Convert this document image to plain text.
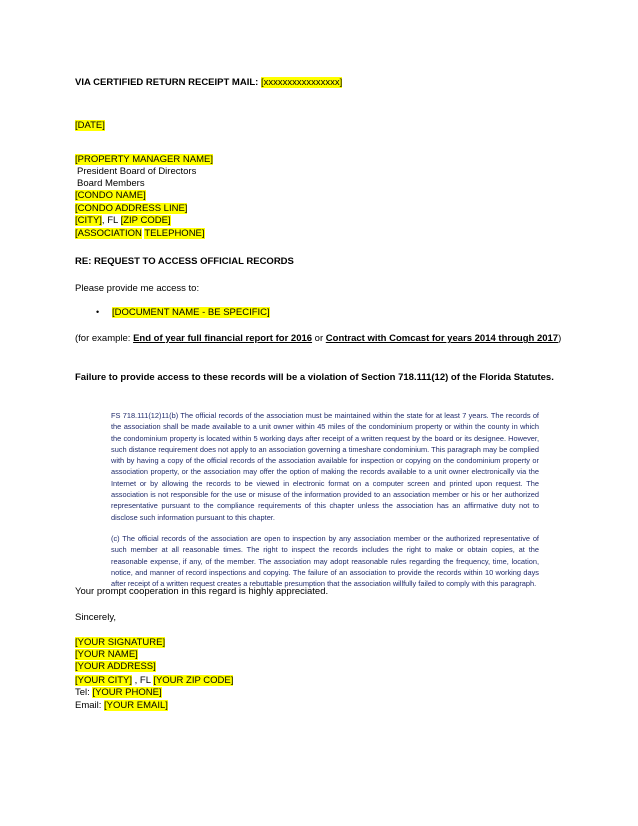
VIA CERTIFIED RETURN RECEIPT MAIL: [xxxxxxxxxxxxxxxx]
[DATE]
[PROPERTY MANAGER NAME]
President Board of Directors
Board Members
[CONDO NAME]
[CONDO ADDRESS LINE]
[CITY], FL [ZIP CODE]
[ASSOCIATION TELEPHONE]
RE: REQUEST TO ACCESS OFFICIAL RECORDS
Please provide me access to:
• [DOCUMENT NAME - BE SPECIFIC]
(for example: End of year full financial report for 2016 or Contract with Comcast for years 2014 through 2017)
Failure to provide access to these records will be a violation of Section 718.111(12) of the Florida Statutes.

FS 718.111(12)11(b) The official records of the association must be maintained within the state for at least 7 years. The records of the association shall be made available to a unit owner within 45 miles of the condominium property or within the county in which the condominium property is located within 5 working days after receipt of a written request by the board or its designee. However, such distance requirement does not apply to an association governing a timeshare condominium. This paragraph may be complied with by having a copy of the official records of the association available for inspection or copying on the condominium property or association property, or the association may offer the option of making the records available to a unit owner electronically via the Internet or by allowing the records to be viewed in electronic format on a computer screen and printed upon request. The association is not responsible for the use or misuse of the information provided to an association member or his or her authorized representative pursuant to the compliance requirements of this chapter unless the association has an affirmative duty not to disclose such information pursuant to this chapter.

(c) The official records of the association are open to inspection by any association member or the authorized representative of such member at all reasonable times. The right to inspect the records includes the right to make or obtain copies, at the reasonable expense, if any, of the member. The association may adopt reasonable rules regarding the frequency, time, location, notice, and manner of record inspections and copying. The failure of an association to provide the records within 10 working days after receipt of a written request creates a rebuttable presumption that the association willfully failed to comply with this paragraph.

Your prompt cooperation in this regard is highly appreciated.
Sincerely,
[YOUR SIGNATURE]
[YOUR NAME]
[YOUR ADDRESS]
[YOUR CITY] , FL [YOUR ZIP CODE]
Tel: [YOUR PHONE]
Email: [YOUR EMAIL]
